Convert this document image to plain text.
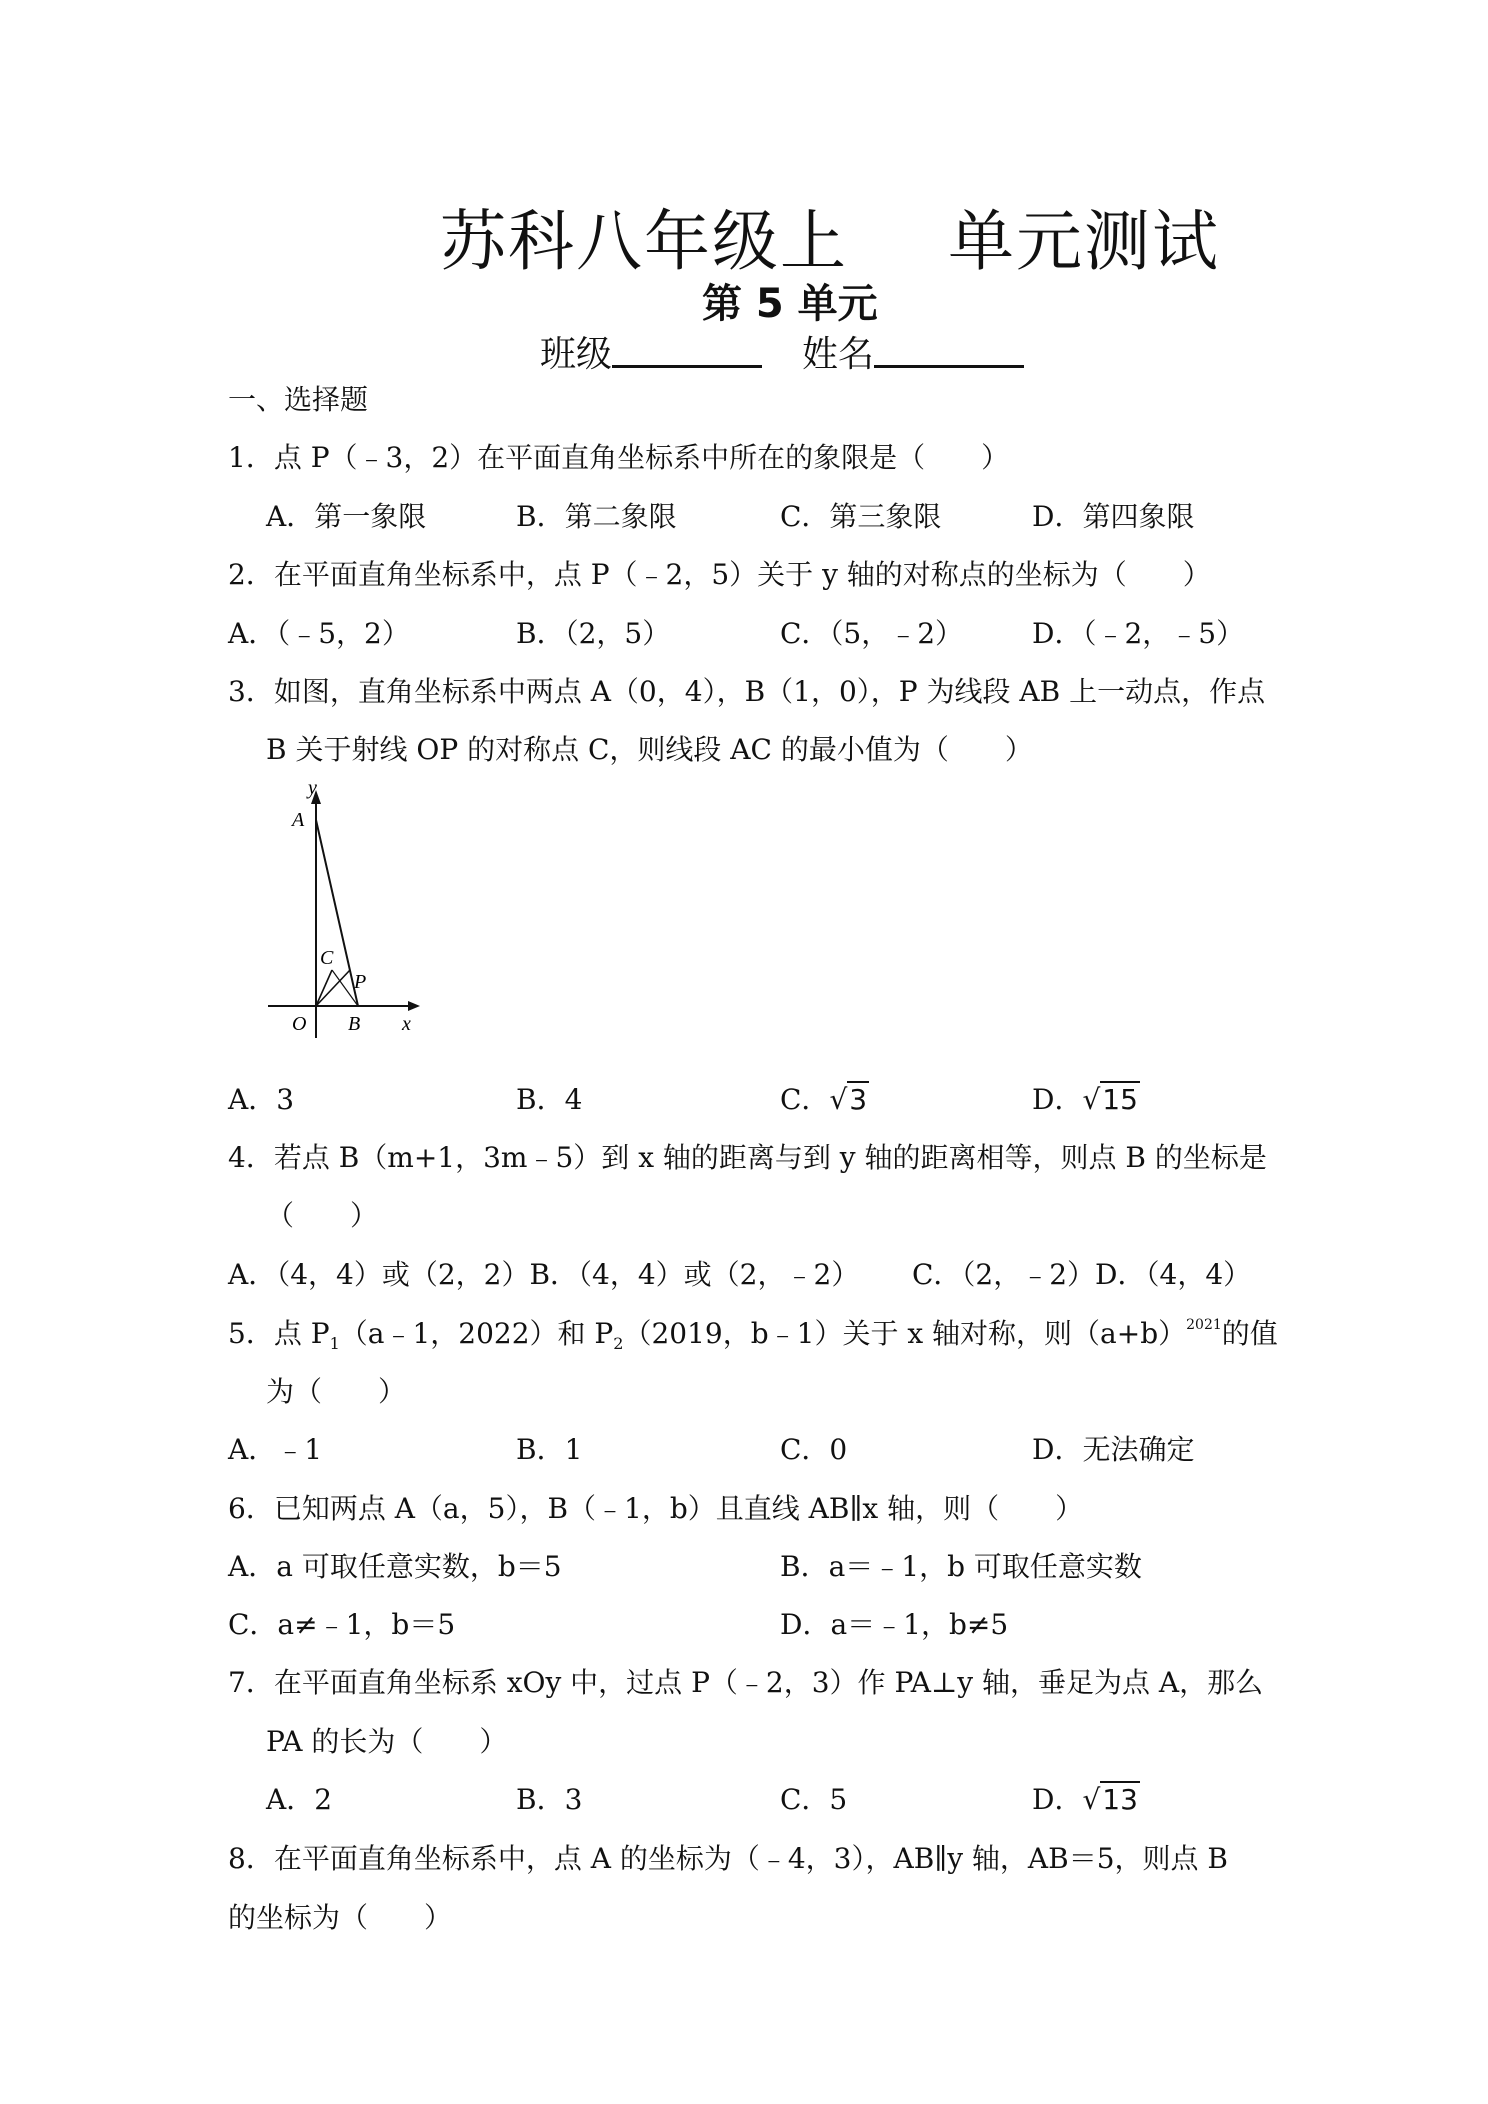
苏科八年级上 单元测试
第 5 单元
班级	姓名
一、选择题
1．点 P（﹣3，2）在平面直角坐标系中所在的象限是（　　）
A．第一象限	B．第二象限	C．第三象限	D．第四象限
2．在平面直角坐标系中，点 P（﹣2，5）关于 y 轴的对称点的坐标为（　　）
A．（﹣5，2）	B．（2，5）	C．（5，﹣2） D．（﹣2，﹣5）
3．如图，直角坐标系中两点 A（0，4），B（1，0），P 为线段 AB 上一动点，作点
B 关于射线 OP 的对称点 C，则线段 AC 的最小值为（　　）
y
A
C
P
O B x
A．3	B．4	C．√3	D．√15
4．若点 B（m+1，3m﹣5）到 x 轴的距离与到 y 轴的距离相等，则点 B 的坐标是
（　　）
A．（4，4）或（2，2）B．（4，4）或（2，﹣2） C．（2，﹣2）D．（4，4）
5．点 $P_1(a﹣1$，2022）和 $P_2(2019$，b﹣1）关于 x 轴对称，则$(a+b)^{2021}$的值
为（　　）
A．﹣1	B．1	C．0	D．无法确定
6．已知两点 A（a，5），B（﹣1，b）且直线 AB∥x 轴，则（　　）
A．a 可取任意实数，b＝5	B．a＝﹣1，b 可取任意实数
C．a≠﹣1，b＝5	D．a＝﹣1，b≠5
7．在平面直角坐标系 xOy 中，过点 P（﹣2，3）作 PA⊥y 轴，垂足为点 A，那么
PA 的长为（　　）
A．2	B．3	C．5	D．√13
8．在平面直角坐标系中，点 A 的坐标为（﹣4，3），AB∥y 轴，AB＝5，则点 B
的坐标为（　　）
